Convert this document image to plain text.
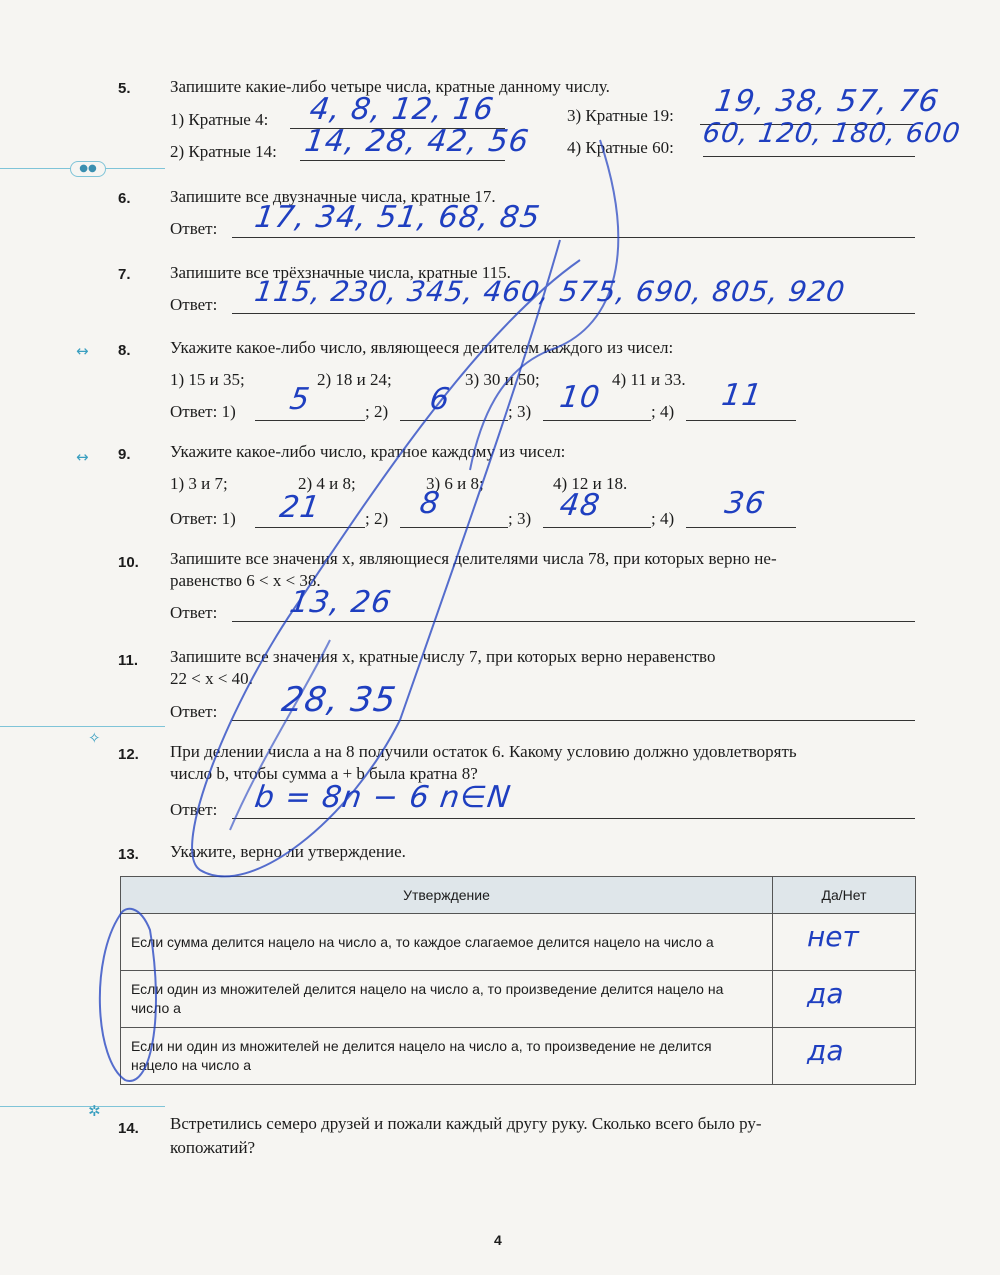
●●
↔
↔
✧
✲
5. Запишите какие-либо четыре числа, кратные данному числу.
1) Кратные 4: 4, 8, 12, 16
2) Кратные 14: 14, 28, 42, 56
3) Кратные 19: 19, 38, 57, 76
4) Кратные 60: 60, 120, 180, 600
6. Запишите все двузначные числа, кратные 17.
Ответ: 17, 34, 51, 68, 85
7. Запишите все трёхзначные числа, кратные 115.
Ответ: 115, 230, 345, 460, 575, 690, 805, 920
8. Укажите какое-либо число, являющееся делителем каждого из чисел:
1) 15 и 35;	2) 18 и 24;	3) 30 и 50;	4) 11 и 33.
Ответ: 1)	; 2)	; 3)	; 4)
5	6	10	11
9. Укажите какое-либо число, кратное каждому из чисел:
1) 3 и 7;	2) 4 и 8;	3) 6 и 8;	4) 12 и 18.
Ответ: 1)	; 2)	; 3)	; 4)
21	8	48	36
10. Запишите все значения x, являющиеся делителями числа 78, при которых верно не-
равенство 6 < x < 38.
Ответ: 13, 26
11. Запишите все значения x, кратные числу 7, при которых верно неравенство
22 < x < 40.
Ответ: 28, 35
12. При делении числа a на 8 получили остаток 6. Какому условию должно удовлетворять
число b, чтобы сумма a + b была кратна 8?
Ответ: b = 8n − 6 n∈N
13. Укажите, верно ли утверждение.
Утверждение	Да/Нет
Если сумма делится нацело на число a, то каждое слагаемое делится нацело на число a	нет

Если один из множителей делится нацело на число a, то произведение делится нацело на число a	да

Если ни один из множителей не делится нацело на число a, то произведение не делится нацело на число a	да
14. Встретились семеро друзей и пожали каждый другу руку. Сколько всего было ру-
копожатий?
4
